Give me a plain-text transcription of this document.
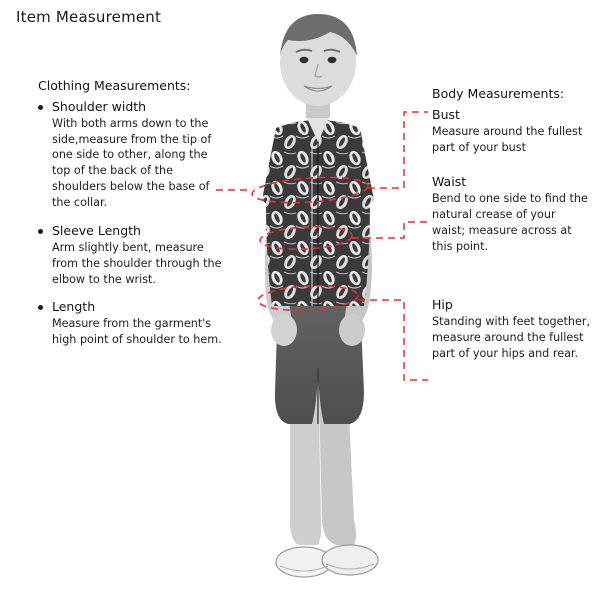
Item Measurement
Clothing Measurements:
Shoulder width
With both arms down to the side,measure from the tip of one side to other, along the top of the back of the shoulders below the base of the collar.
Sleeve Length
Arm slightly bent, measure from the shoulder through the elbow to the wrist.
Length
Measure from the garment's high point of shoulder to hem.
Body Measurements:
Bust
Measure around the fullest part of your bust
Waist
Bend to one side to find the natural crease of your waist; measure across at this point.
Hip
Standing with feet together, measure around the fullest part of your hips and rear.
